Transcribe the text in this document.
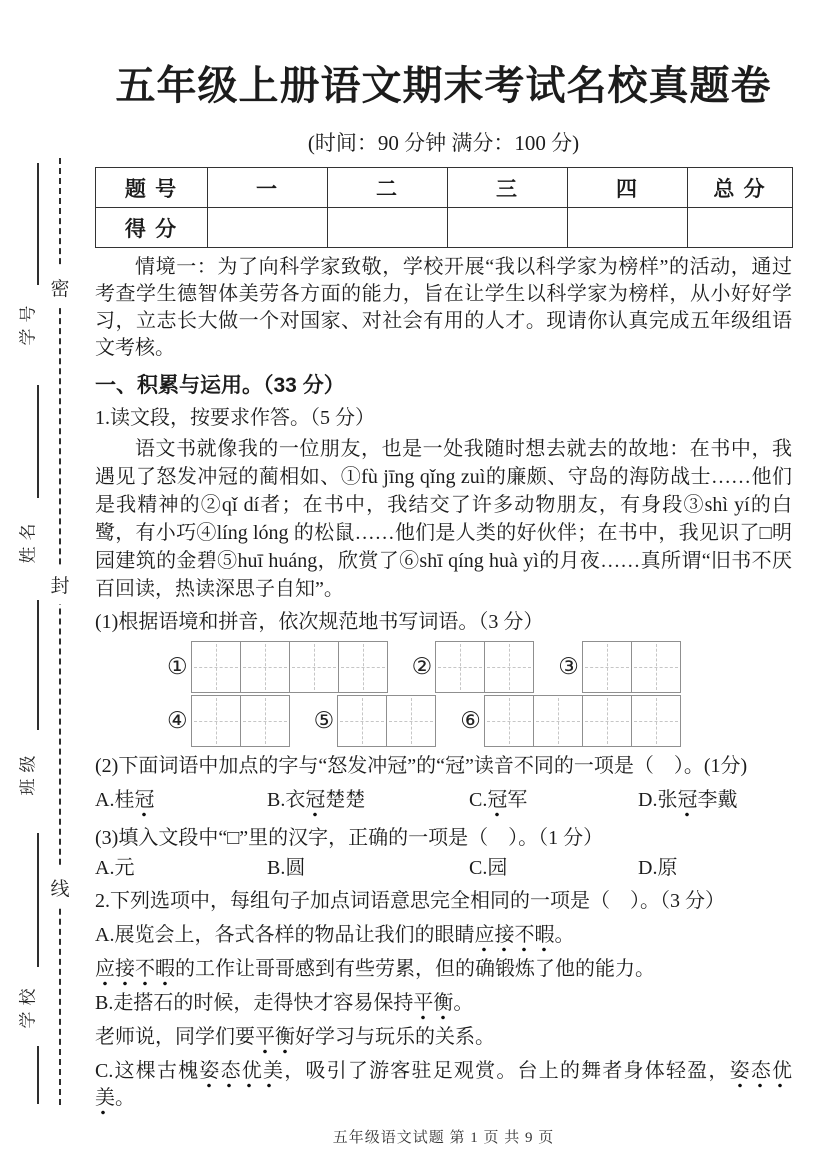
学号
姓名
班级
学校
密
封
线
五年级上册语文期末考试名校真题卷
(时间：90 分钟 满分：100 分)
题 号	一	二	三	四	总 分
得 分					
情境一：为了向科学家致敬，学校开展“我以科学家为榜样”的活动，通过考查学生德智体美劳各方面的能力，旨在让学生以科学家为榜样，从小好好学习，立志长大做一个对国家、对社会有用的人才。现请你认真完成五年级组语文考核。
一、积累与运用。（33 分）
1.读文段，按要求作答。（5 分）
语文书就像我的一位朋友，也是一处我随时想去就去的故地：在书中，我遇见了怒发冲冠的蔺相如、①fù jīng qǐng zuì的廉颇、守岛的海防战士……他们是我精神的②qǐ dí者；在书中，我结交了许多动物朋友，有身段③shì yí的白鹭，有小巧④líng lóng 的松鼠……他们是人类的好伙伴；在书中，我见识了□明园建筑的金碧⑤huī huáng，欣赏了⑥shī qíng huà yì的月夜……真所谓“旧书不厌百回读，热读深思子自知”。
(1)根据语境和拼音，依次规范地书写词语。（3 分）
①	②	③
④	⑤	⑥
(2)下面词语中加点的字与“怒发冲冠”的“冠”读音不同的一项是（　）。(1分)
A.桂冠	B.衣冠楚楚	C.冠军	D.张冠李戴
(3)填入文段中“□”里的汉字，正确的一项是（　）。（1 分）
A.元	B.圆	C.园	D.原
2.下列选项中，每组句子加点词语意思完全相同的一项是（　）。（3 分）
A.展览会上，各式各样的物品让我们的眼睛应接不暇。
应接不暇的工作让哥哥感到有些劳累，但的确锻炼了他的能力。
B.走搭石的时候，走得快才容易保持平衡。
老师说，同学们要平衡好学习与玩乐的关系。
C.这棵古槐姿态优美，吸引了游客驻足观赏。台上的舞者身体轻盈，姿态优美。
五年级语文试题 第 1 页 共 9 页
